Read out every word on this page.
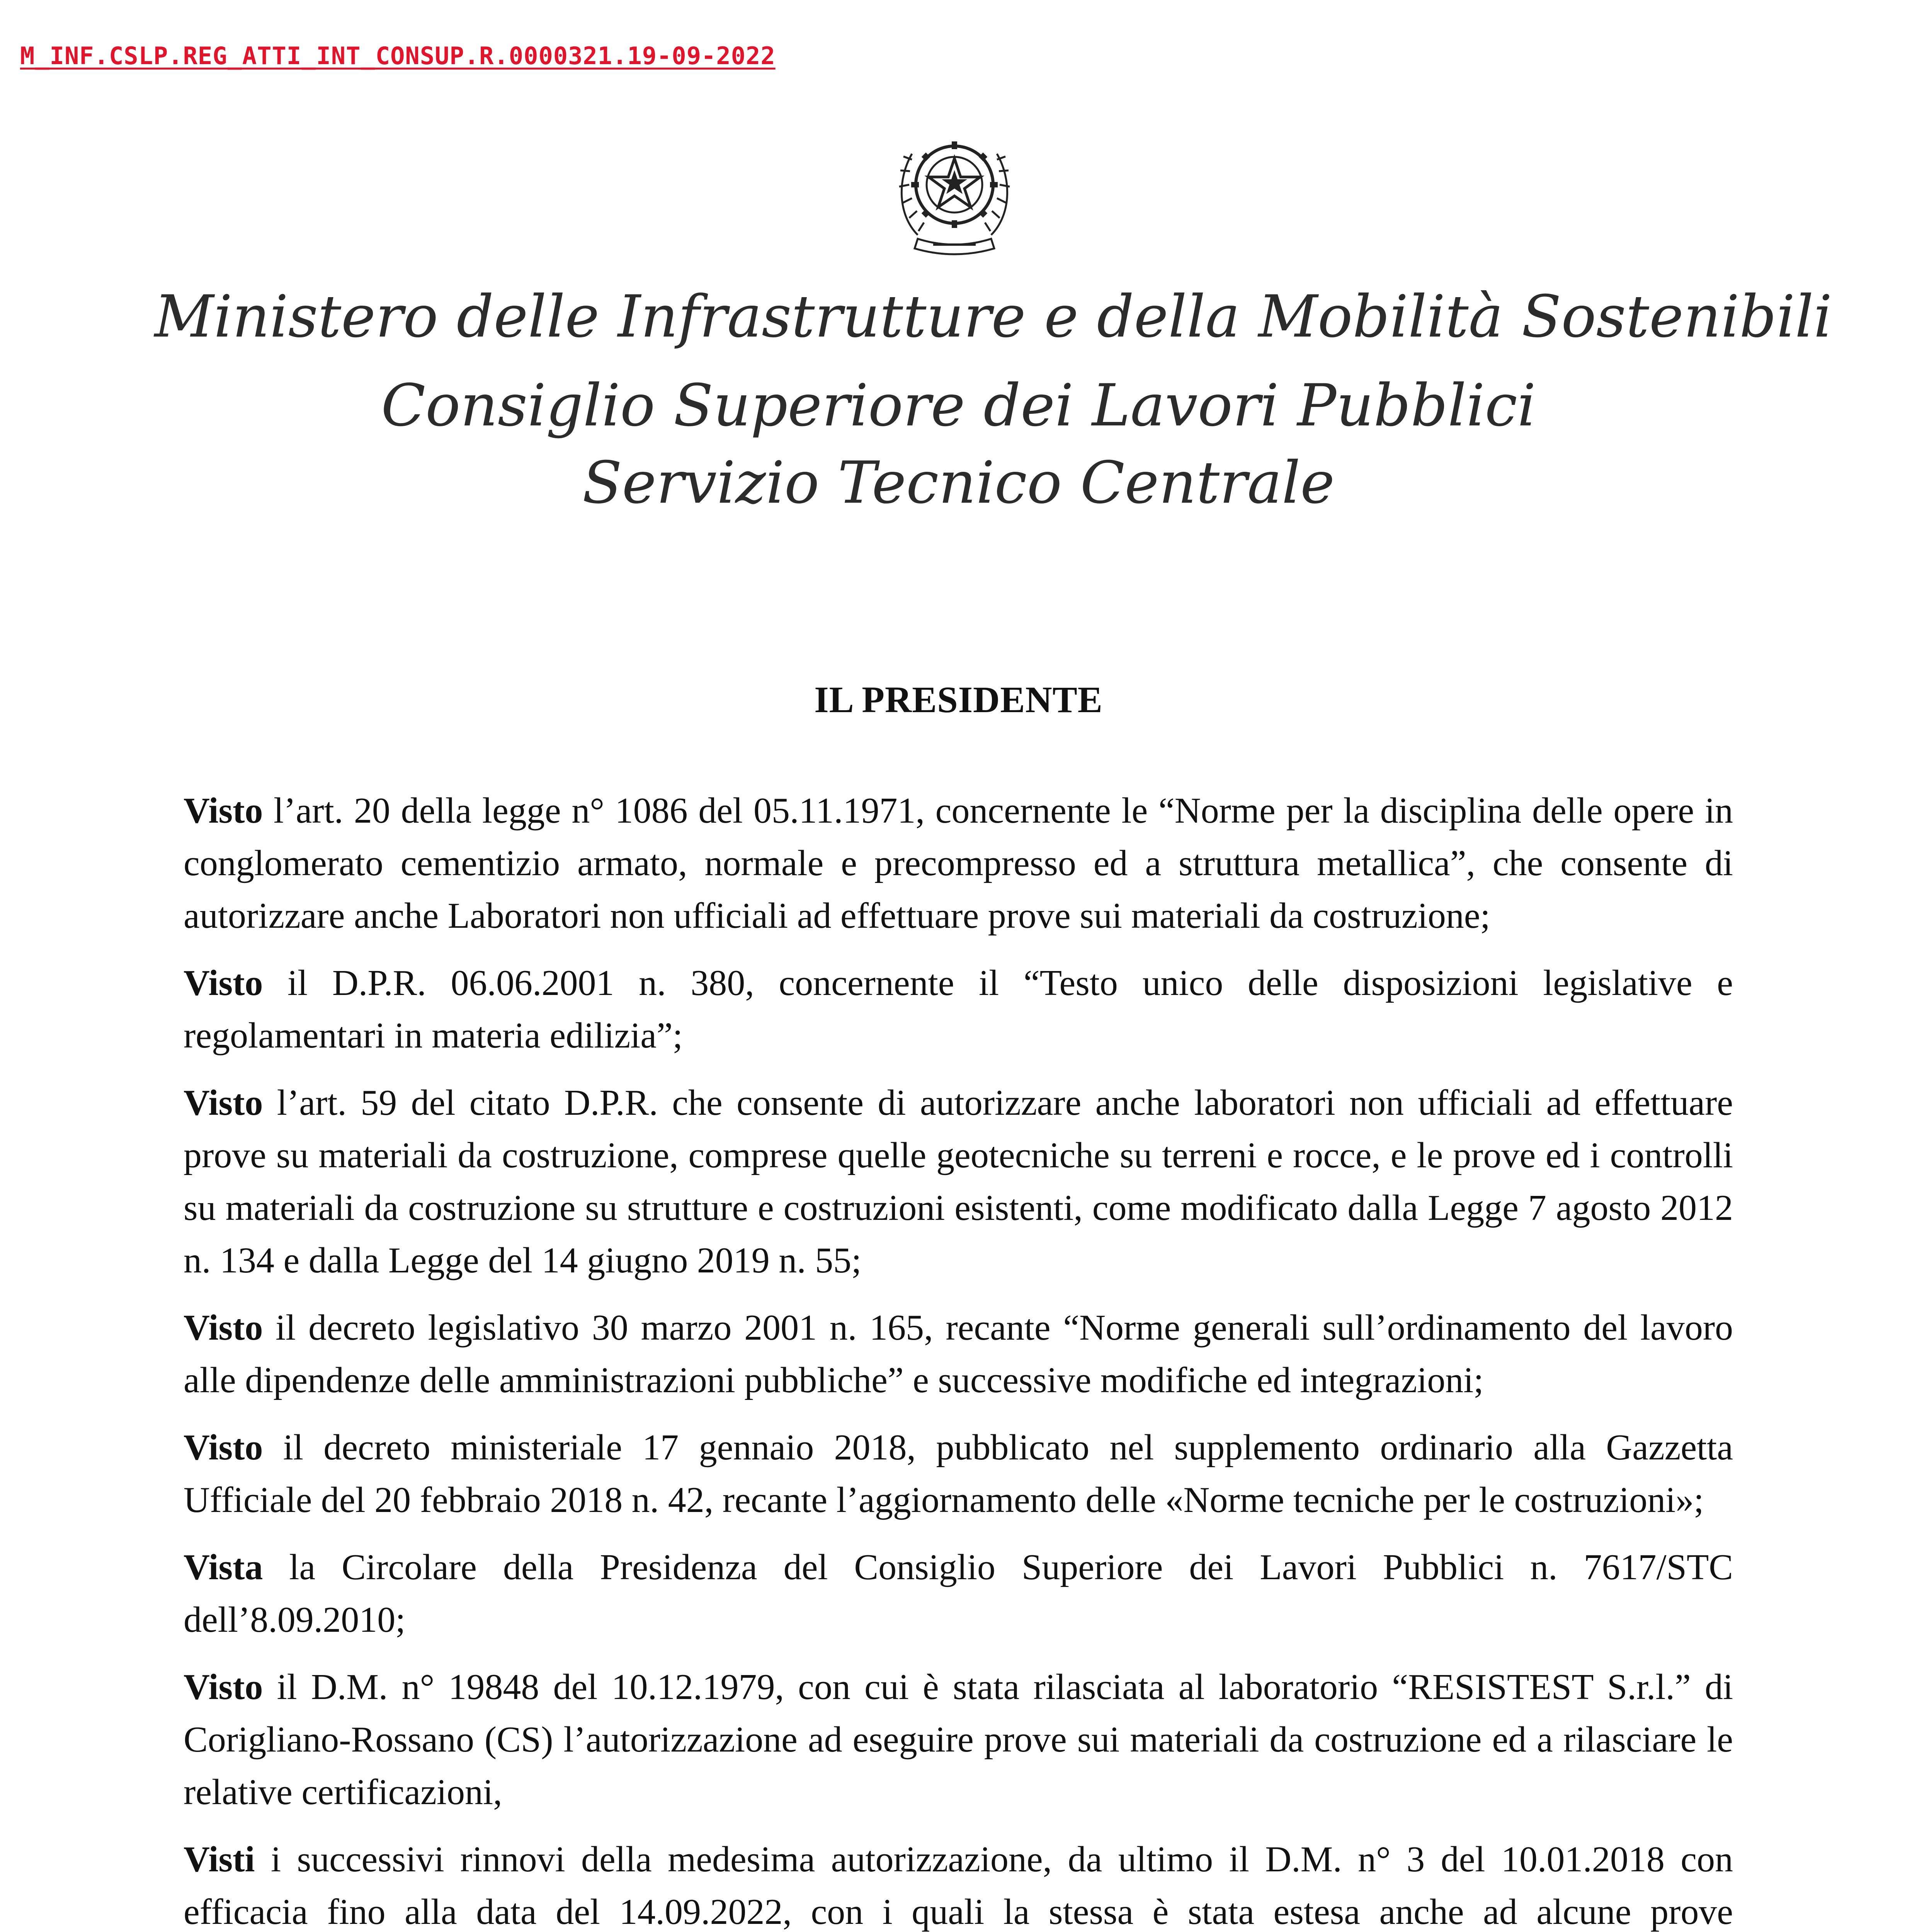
M_INF.CSLP.REG_ATTI_INT_CONSUP.R.0000321.19-09-2022
Ministero delle Infrastrutture e della Mobilità Sostenibili
Consiglio Superiore dei Lavori Pubblici
Servizio Tecnico Centrale
IL PRESIDENTE

Visto l’art. 20 della legge n° 1086 del 05.11.1971, concernente le “Norme per la disciplina delle opere in conglomerato cementizio armato, normale e precompresso ed a struttura metallica”, che consente di autorizzare anche Laboratori non ufficiali ad effettuare prove sui materiali da costruzione;

Visto il D.P.R. 06.06.2001 n. 380, concernente il “Testo unico delle disposizioni legislative e regolamentari in materia edilizia”;

Visto l’art. 59 del citato D.P.R. che consente di autorizzare anche laboratori non ufficiali ad effettuare prove su materiali da costruzione, comprese quelle geotecniche su terreni e rocce, e le prove ed i controlli su materiali da costruzione su strutture e costruzioni esistenti, come modificato dalla Legge 7 agosto 2012 n. 134 e dalla Legge del 14 giugno 2019 n. 55;

Visto il decreto legislativo 30 marzo 2001 n. 165, recante “Norme generali sull’ordinamento del lavoro alle dipendenze delle amministrazioni pubbliche” e successive modifiche ed integrazioni;

Visto il decreto ministeriale 17 gennaio 2018, pubblicato nel supplemento ordinario alla Gazzetta Ufficiale del 20 febbraio 2018 n. 42, recante l’aggiornamento delle «Norme tecniche per le costruzioni»;

Vista la Circolare della Presidenza del Consiglio Superiore dei Lavori Pubblici n. 7617/STC dell’8.09.2010;

Visto il D.M. n° 19848 del 10.12.1979, con cui è stata rilasciata al laboratorio “RESISTEST S.r.l.” di Corigliano-Rossano (CS) l’autorizzazione ad eseguire prove sui materiali da costruzione ed a rilasciare le relative certificazioni,

Visti i successivi rinnovi della medesima autorizzazione, da ultimo il D.M. n° 3 del 10.01.2018 con efficacia fino alla data del 14.09.2022, con i quali la stessa è stata estesa anche ad alcune prove
